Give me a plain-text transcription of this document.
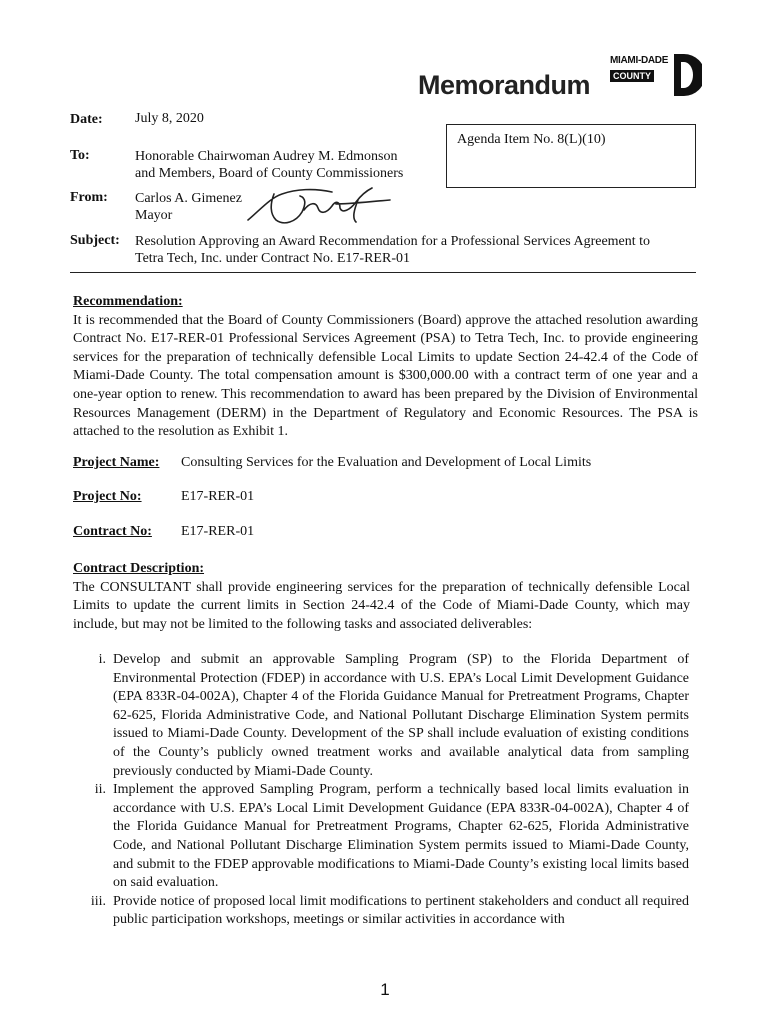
Memorandum
MIAMI-DADE
COUNTY
Date: July 8, 2020
Agenda Item No. 8(L)(10)
To:	Honorable Chairwoman Audrey M. Edmonson
and Members, Board of County Commissioners
From: Carlos A. Gimenez
Mayor
Subject: Resolution Approving an Award Recommendation for a Professional Services Agreement to
Tetra Tech, Inc. under Contract No. E17-RER-01
Recommendation:
It is recommended that the Board of County Commissioners (Board) approve the attached resolution awarding Contract No. E17-RER-01 Professional Services Agreement (PSA) to Tetra Tech, Inc. to provide engineering services for the preparation of technically defensible Local Limits to update Section 24-42.4 of the Code of Miami-Dade County. The total compensation amount is $300,000.00 with a contract term of one year and a one-year option to renew. This recommendation to award has been prepared by the Division of Environmental Resources Management (DERM) in the Department of Regulatory and Economic Resources. The PSA is attached to the resolution as Exhibit 1.
Project Name: Consulting Services for the Evaluation and Development of Local Limits
Project No:	E17-RER-01
Contract No: E17-RER-01
Contract Description:
The CONSULTANT shall provide engineering services for the preparation of technically defensible Local Limits to update the current limits in Section 24-42.4 of the Code of Miami-Dade County, which may include, but may not be limited to the following tasks and associated deliverables:
i. Develop and submit an approvable Sampling Program (SP) to the Florida Department of Environmental Protection (FDEP) in accordance with U.S. EPA’s Local Limit Development Guidance (EPA 833R-04-002A), Chapter 4 of the Florida Guidance Manual for Pretreatment Programs, Chapter 62-625, Florida Administrative Code, and National Pollutant Discharge Elimination System permits issued to Miami-Dade County. Development of the SP shall include evaluation of existing conditions of the County’s publicly owned treatment works and available analytical data from sampling previously conducted by Miami-Dade County.
ii. Implement the approved Sampling Program, perform a technically based local limits evaluation in accordance with U.S. EPA’s Local Limit Development Guidance (EPA 833R-04-002A), Chapter 4 of the Florida Guidance Manual for Pretreatment Programs, Chapter 62-625, Florida Administrative Code, and National Pollutant Discharge Elimination System permits issued to Miami-Dade County, and submit to the FDEP approvable modifications to Miami-Dade County’s existing local limits based on said evaluation.
iii. Provide notice of proposed local limit modifications to pertinent stakeholders and conduct all required public participation workshops, meetings or similar activities in accordance with
1
